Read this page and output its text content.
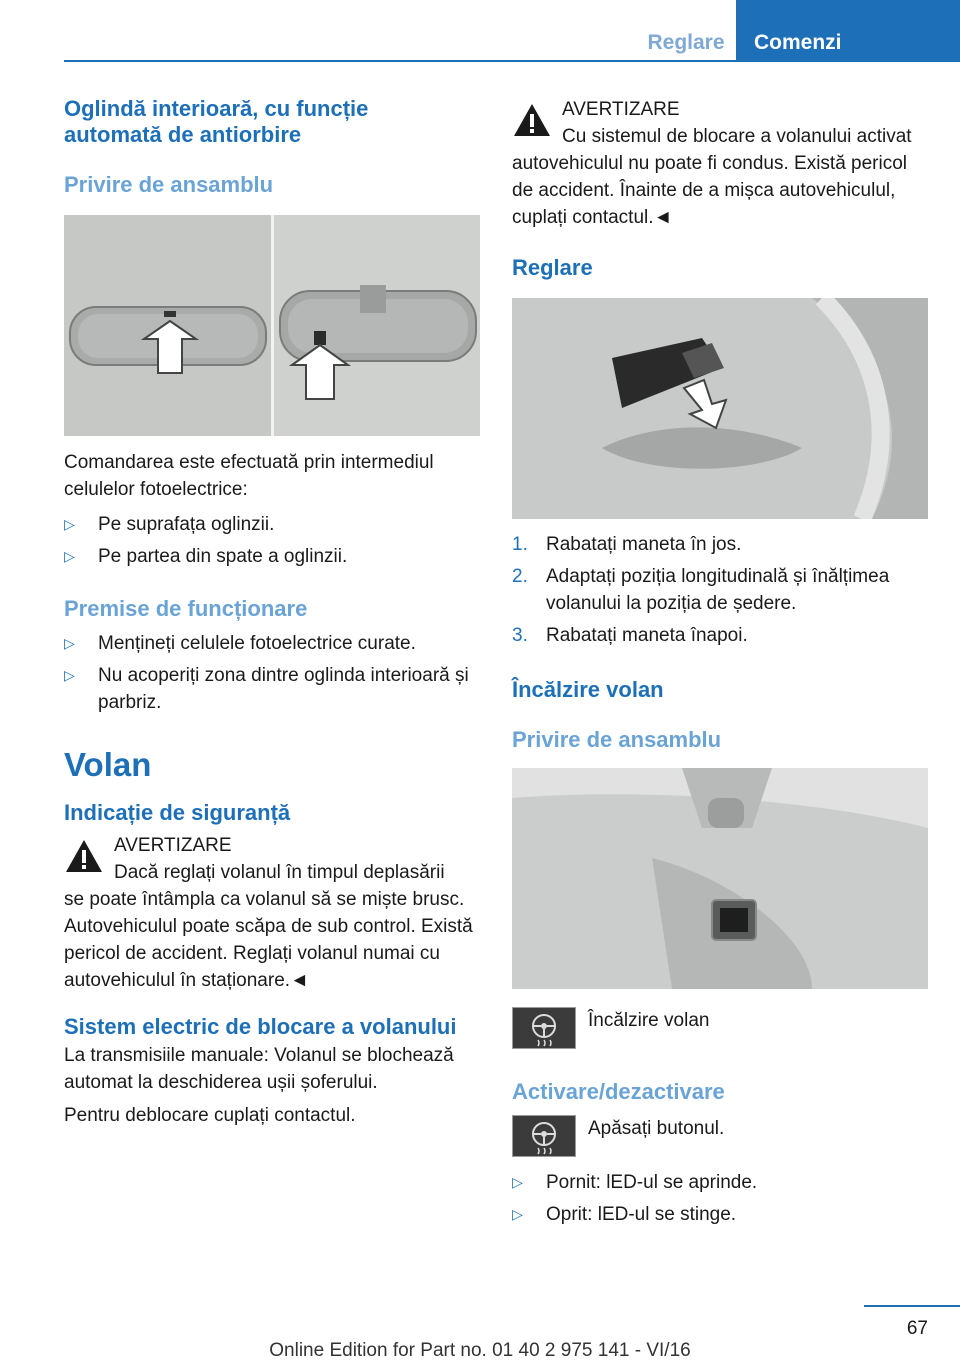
Reglare	Comenzi
Oglindă interioară, cu funcție automată de antiorbire
Privire de ansamblu

Comandarea este efectuată prin intermediul celulelor fotoelectrice:

▷ Pe suprafața oglinzii.
▷ Pe partea din spate a oglinzii.
Premise de funcționare
▷ Mențineți celulele fotoelectrice curate.
▷ Nu acoperiți zona dintre oglinda interioară și parbriz.
Volan
Indicație de siguranță
AVERTIZARE
Dacă reglați volanul în timpul deplasării
se poate întâmpla ca volanul să se miște brusc. Autovehiculul poate scăpa de sub control. Există pericol de accident. Reglați volanul numai cu autovehiculul în staționare.◄
Sistem electric de blocare a volanului

La transmisiile manuale: Volanul se blochează automat la deschiderea ușii șoferului.

Pentru deblocare cuplați contactul.

AVERTIZARE
Cu sistemul de blocare a volanului activat
autovehiculul nu poate fi condus. Există pericol de accident. Înainte de a mișca autovehiculul, cuplați contactul.◄
Reglare
1. Rabatați maneta în jos.
2. Adaptați poziția longitudinală și înălțimea volanului la poziția de ședere.
3. Rabatați maneta înapoi.
Încălzire volan
Privire de ansamblu
Încălzire volan
Activare/dezactivare
Apăsați butonul.
▷ Pornit: lED-ul se aprinde.
▷ Oprit: lED-ul se stinge.
67
Online Edition for Part no. 01 40 2 975 141 - VI/16
